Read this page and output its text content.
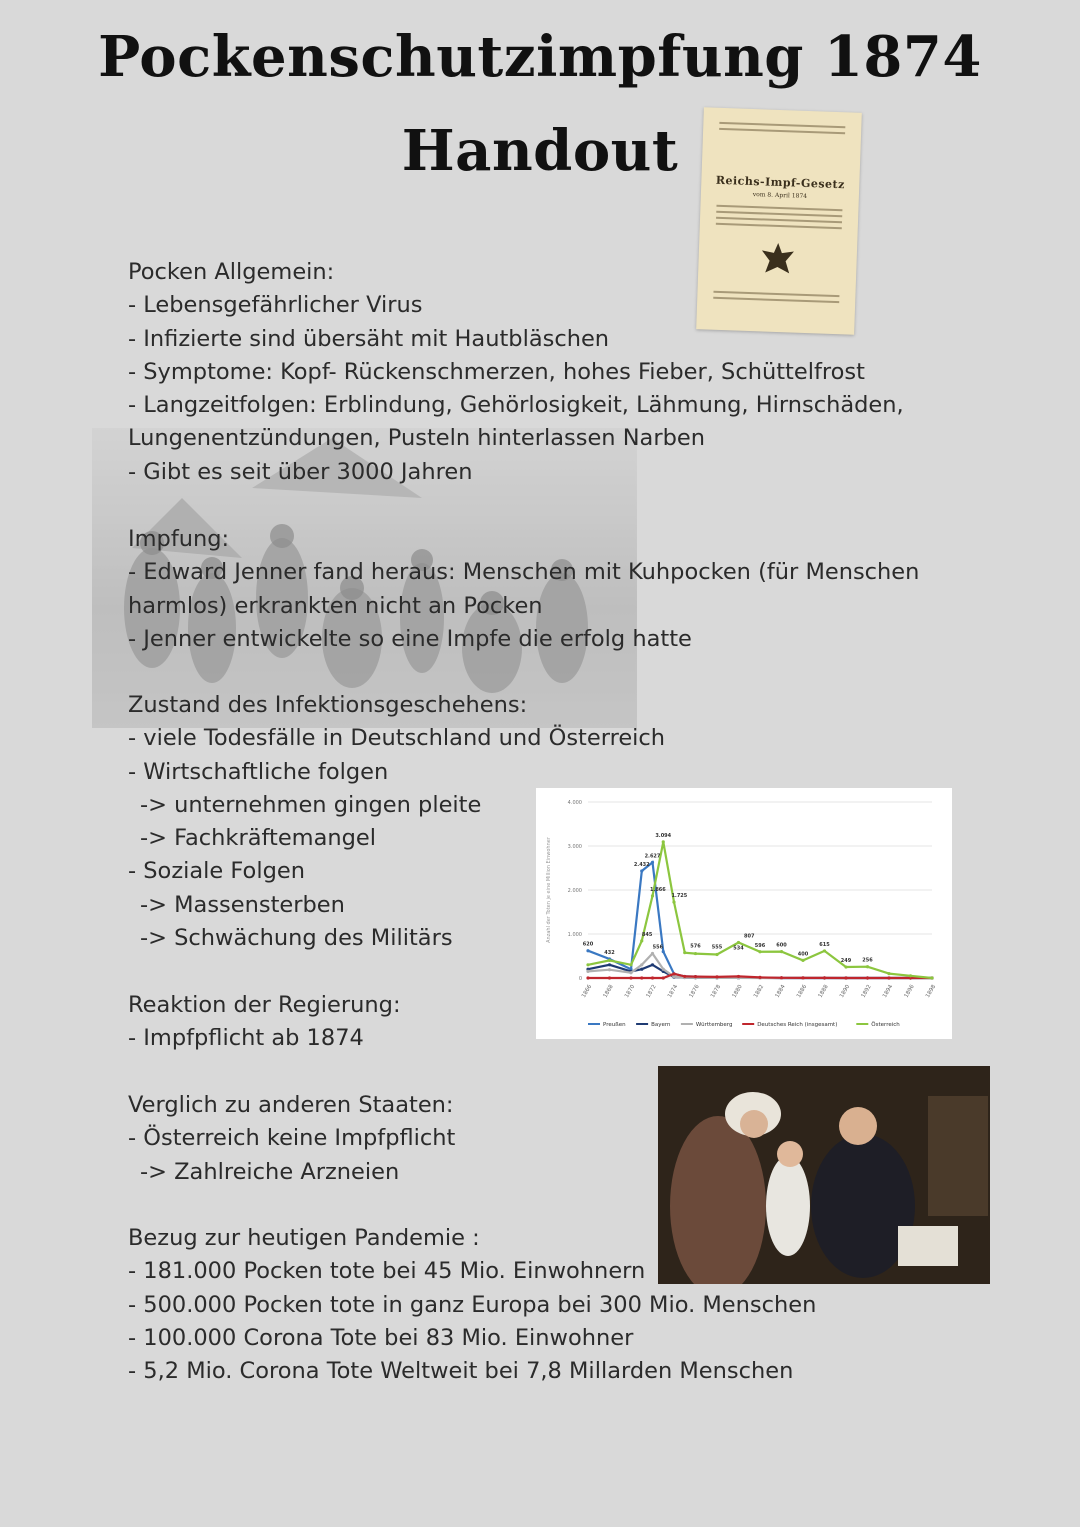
Pockenschutzimpfung 1874
Handout	Reichs-Impf-Gesetz
vom 8. April 1874
Pocken Allgemein:
- Lebensgefährlicher Virus
- Infizierte sind übersäht mit Hautbläschen
- Symptome: Kopf- Rückenschmerzen, hohes Fieber, Schüttelfrost
- Langzeitfolgen: Erblindung, Gehörlosigkeit, Lähmung, Hirnschäden,
Lungenentzündungen, Pusteln hinterlassen Narben
- Gibt es seit über 3000 Jahren
Impfung:
- Edward Jenner fand heraus: Menschen mit Kuhpocken (für Menschen
harmlos) erkrankten nicht an Pocken
- Jenner entwickelte so eine Impfe die erfolg hatte
Zustand des Infektionsgeschehens:
- viele Todesfälle in Deutschland und Österreich
- Wirtschaftliche folgen
-> unternehmen gingen pleite
-> Fachkräftemangel
- Soziale Folgen
-> Massensterben
-> Schwächung des Militärs
Reaktion der Regierung:
- Impfpflicht ab 1874
Verglich zu anderen Staaten:
- Österreich keine Impfpflicht
-> Zahlreiche Arzneien
Bezug zur heutigen Pandemie :
- 181.000 Pocken tote bei 45 Mio. Einwohnern
- 500.000 Pocken tote in ganz Europa bei 300 Mio. Menschen
- 100.000 Corona Tote bei 83 Mio. Einwohner
- 5,2 Mio. Corona Tote Weltweit bei 7,8 Millarden Menschen
0
1.000
2.000
3.000
4.000
Anzahl der Toten je eine Million Einwohner
1866 1868 1870 1872 1874 1876 1878 1880 1882 1884 1886 1888 1890 1892 1894 1896 1898
620
432
2.432
2.627
3.094
1.866
1.725
845
556	576 555 534
807
596 600
400
615
249 256
Preußen	Bayern	Württemberg	Deutsches Reich (insgesamt)	Österreich
